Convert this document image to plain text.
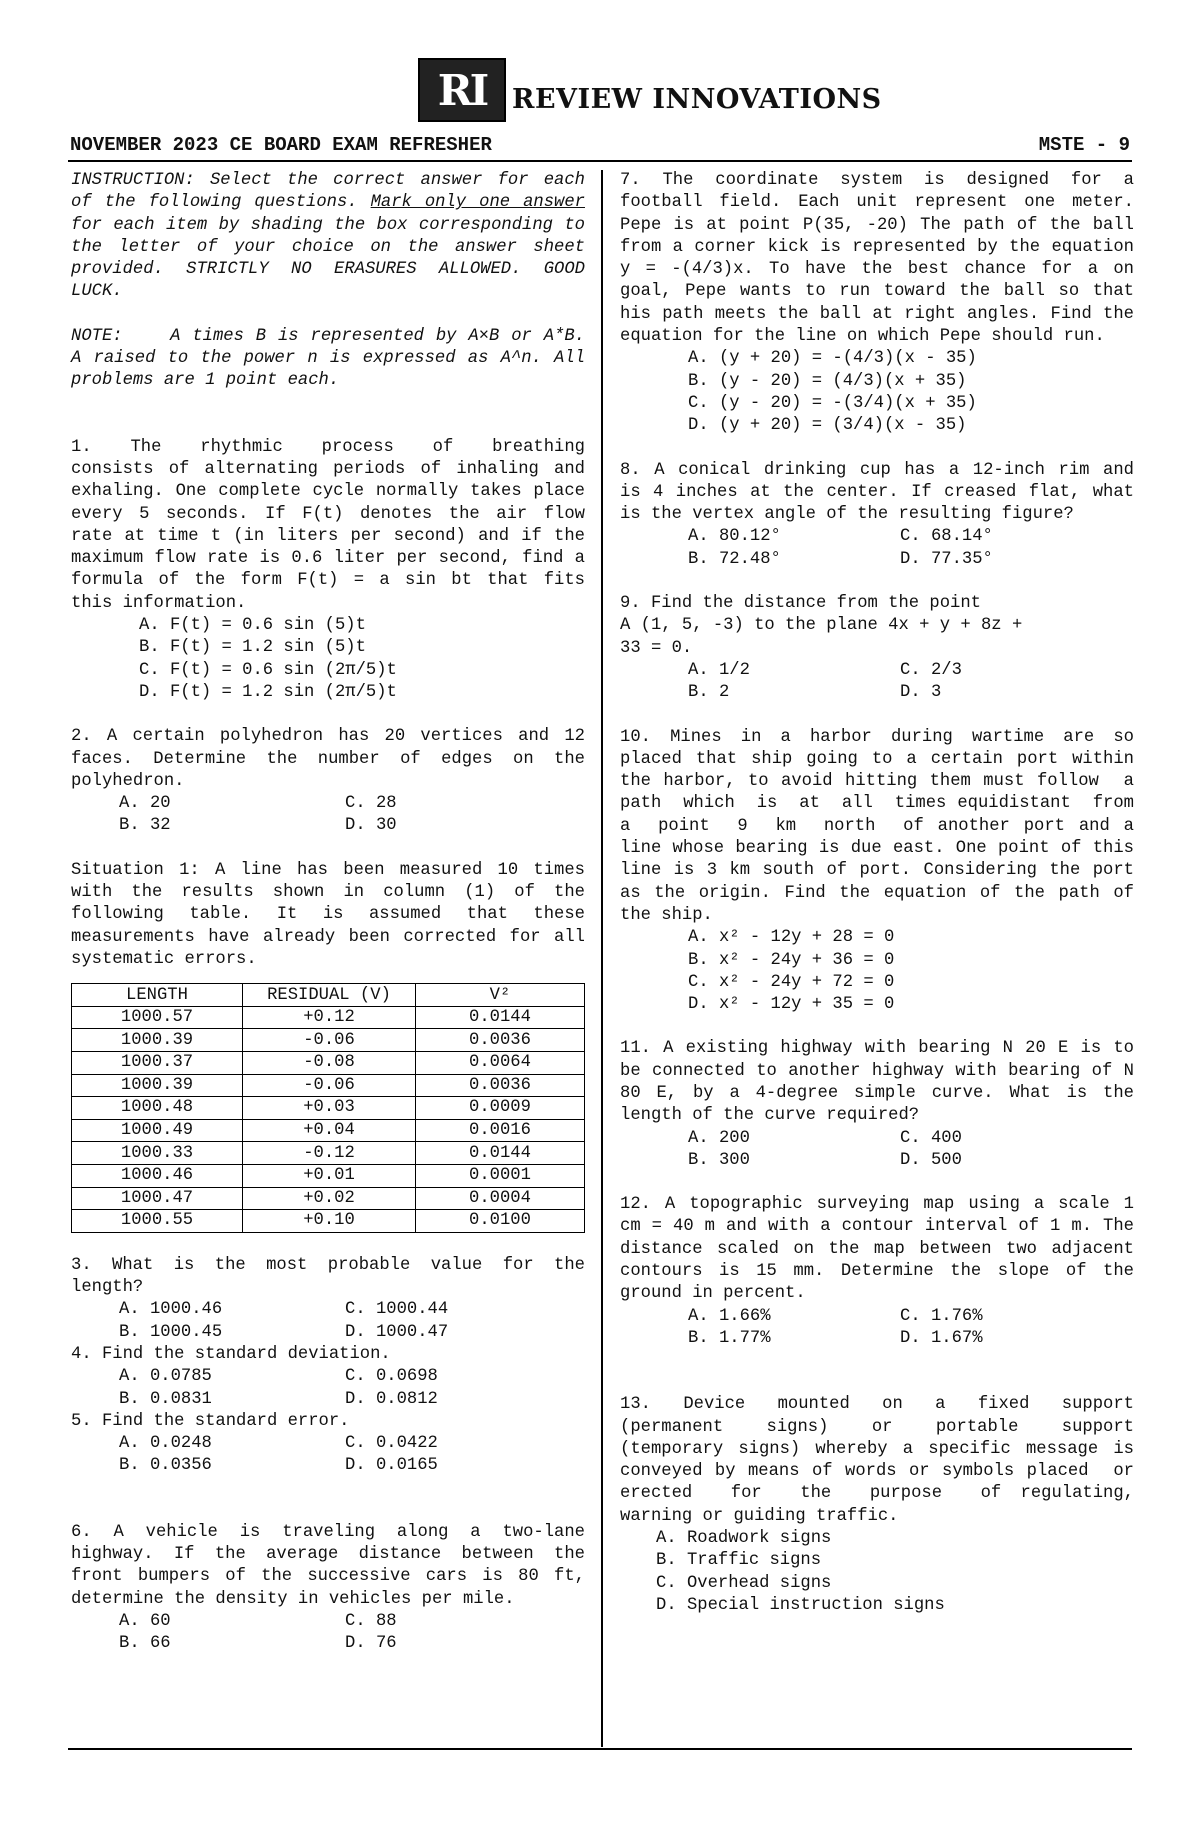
RI REVIEW INNOVATIONS
NOVEMBER 2023 CE BOARD EXAM REFRESHER	MSTE - 9

INSTRUCTION: Select the correct answer for each of the following questions. Mark only one answer for each item by shading the box corresponding to the letter of your choice on the answer sheet provided. STRICTLY NO ERASURES ALLOWED. GOOD LUCK.

NOTE:    A times B is represented by A×B or A*B. A raised to the power n is expressed as A^n. All problems are 1 point each.

1.  The  rhythmic  process  of  breathing consists of alternating periods of inhaling and exhaling. One complete cycle normally takes place every 5 seconds. If F(t) denotes the air flow rate at time t (in liters per second) and if the maximum flow rate is 0.6 liter per second, find a formula of the form F(t) = a sin bt that fits this information.

A. F(t) = 0.6 sin (5)t
B. F(t) = 1.2 sin (5)t
C. F(t) = 0.6 sin (2π/5)t
D. F(t) = 1.2 sin (2π/5)t

2. A certain polyhedron has 20 vertices and 12 faces. Determine the number of edges on the polyhedron.

A. 20	C. 28
B. 32	D. 30

Situation 1: A line has been measured 10 times with the results shown in column (1) of the following table. It is assumed that these measurements have already been corrected for all systematic errors.

LENGTH	RESIDUAL (V)	V²
1000.57	+0.12	0.0144
1000.39	-0.06	0.0036
1000.37	-0.08	0.0064
1000.39	-0.06	0.0036
1000.48	+0.03	0.0009
1000.49	+0.04	0.0016
1000.33	-0.12	0.0144
1000.46	+0.01	0.0001
1000.47	+0.02	0.0004
1000.55	+0.10	0.0100

3. What is the most probable value for the length?

A. 1000.46	C. 1000.44
B. 1000.45	D. 1000.47

4. Find the standard deviation.

A. 0.0785	C. 0.0698
B. 0.0831	D. 0.0812

5. Find the standard error.

A. 0.0248	C. 0.0422
B. 0.0356	D. 0.0165

6. A vehicle is traveling along a two-lane highway. If the average distance between the front bumpers of the successive cars is 80 ft, determine the density in vehicles per mile.

A. 60	C. 88
B. 66	D. 76

7. The coordinate system is designed for a football field. Each unit represent one meter. Pepe is at point P(35, -20) The path of the ball from a corner kick is represented by the equation y = -(4/3)x. To have the best chance for a on goal, Pepe wants to run toward the ball so that his path meets the ball at right angles. Find the equation for the line on which Pepe should run.

A. (y + 20) = -(4/3)(x - 35)
B. (y - 20) = (4/3)(x + 35)
C. (y - 20) = -(3/4)(x + 35)
D. (y + 20) = (3/4)(x - 35)

8. A conical drinking cup has a 12-inch rim and is 4 inches at the center. If creased flat, what is the vertex angle of the resulting figure?

A. 80.12°	C. 68.14°
B. 72.48°	D. 77.35°
9. Find the distance from the point
A (1, 5, -3) to the plane 4x + y + 8z +
33 = 0.
A. 1/2	C. 2/3
B. 2	D. 3

10. Mines in a harbor during wartime are so placed that ship going to a certain port within the harbor, to avoid hitting them must follow  a  path  which  is  at  all  times equidistant  from  a  point  9  km  north  of another port and a line whose bearing is due east. One point of this line is 3 km south of port. Considering the port as the origin. Find the equation of the path of the ship.

A. x² - 12y + 28 = 0
B. x² - 24y + 36 = 0
C. x² - 24y + 72 = 0
D. x² - 12y + 35 = 0

11. A existing highway with bearing N 20 E is to be connected to another highway with bearing of N 80 E, by a 4-degree simple curve. What is the length of the curve required?

A. 200	C. 400
B. 300	D. 500

12. A topographic surveying map using a scale 1 cm = 40 m and with a contour interval of 1 m. The distance scaled on the map between two adjacent contours is 15 mm. Determine the slope of the ground in percent.

A. 1.66%	C. 1.76%
B. 1.77%	D. 1.67%

13.  Device  mounted  on  a  fixed  support (permanent  signs)  or  portable  support (temporary signs) whereby a specific message is conveyed by means of words or symbols placed  or  erected  for  the  purpose  of regulating, warning or guiding traffic.

A. Roadwork signs
B. Traffic signs
C. Overhead signs
D. Special instruction signs
